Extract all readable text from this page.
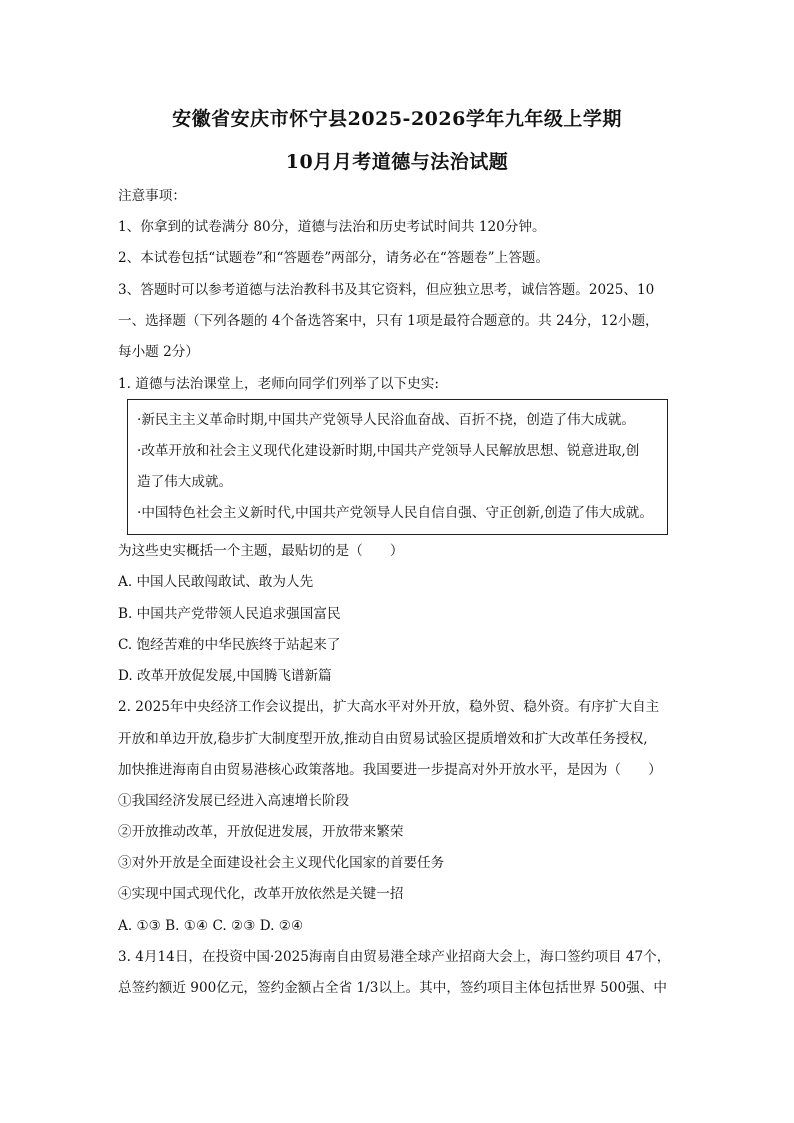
安徽省安庆市怀宁县2025-2026学年九年级上学期
10月月考道德与法治试题
注意事项：
1、你拿到的试卷满分 80分，道德与法治和历史考试时间共 120分钟。
2、本试卷包括“试题卷”和“答题卷”两部分，请务必在“答题卷”上答题。
3、答题时可以参考道德与法治教科书及其它资料，但应独立思考，诚信答题。2025、10
一、选择题（下列各题的 4个备选答案中，只有 1项是最符合题意的。共 24分，12小题，
每小题 2分）
1. 道德与法治课堂上，老师向同学们列举了以下史实:
·新民主主义革命时期,中国共产党领导人民浴血奋战、百折不挠，创造了伟大成就。
·改革开放和社会主义现代化建设新时期,中国共产党领导人民解放思想、锐意进取,创
造了伟大成就。
·中国特色社会主义新时代,中国共产党领导人民自信自强、守正创新,创造了伟大成就。
为这些史实概括一个主题，最贴切的是（　　）
A. 中国人民敢闯敢试、敢为人先
B. 中国共产党带领人民追求强国富民
C. 饱经苦难的中华民族终于站起来了
D. 改革开放促发展,中国腾飞谱新篇
2. 2025年中央经济工作会议提出，扩大高水平对外开放，稳外贸、稳外资。有序扩大自主
开放和单边开放,稳步扩大制度型开放,推动自由贸易试验区提质增效和扩大改革任务授权,
加快推进海南自由贸易港核心政策落地。我国要进一步提高对外开放水平，是因为（　　）
①我国经济发展已经进入高速增长阶段
②开放推动改革，开放促进发展，开放带来繁荣
③对外开放是全面建设社会主义现代化国家的首要任务
④实现中国式现代化，改革开放依然是关键一招
A. ①③ B. ①④ C. ②③ D. ②④
3. 4月14日，在投资中国·2025海南自由贸易港全球产业招商大会上，海口签约项目 47个，
总签约额近 900亿元，签约金额占全省 1/3以上。其中，签约项目主体包括世界 500强、中
